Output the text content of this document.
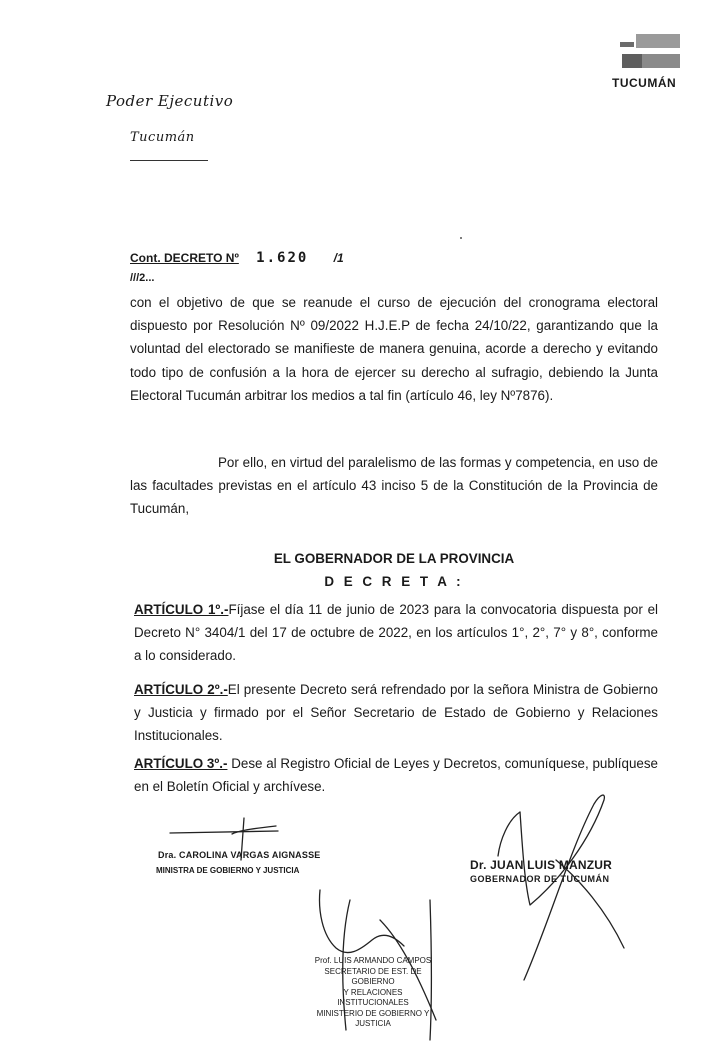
TUCUMÁN
Poder Ejecutivo
Tucumán
Cont. DECRETO Nº 1.620 /1
///2...

con el objetivo de que se reanude el curso de ejecución del cronograma electoral dispuesto por Resolución Nº 09/2022 H.J.E.P de fecha 24/10/22, garantizando que la voluntad del electorado se manifieste de manera genuina, acorde a derecho y evitando todo tipo de confusión a la hora de ejercer su derecho al sufragio, debiendo la Junta Electoral Tucumán arbitrar los medios a tal fin (artículo 46, ley Nº7876).

Por ello, en virtud del paralelismo de las formas y competencia, en uso de las facultades previstas en el artículo 43 inciso 5 de la Constitución de la Provincia de Tucumán,

EL GOBERNADOR DE LA PROVINCIA

D E C R E T A :

ARTÍCULO 1º.-Fíjase el día 11 de junio de 2023 para la convocatoria dispuesta por el Decreto N° 3404/1 del 17 de octubre de 2022, en los artículos 1°, 2°, 7° y 8°, conforme a lo considerado.

ARTÍCULO 2º.-El presente Decreto será refrendado por la señora Ministra de Gobierno y Justicia y firmado por el Señor Secretario de Estado de Gobierno y Relaciones Institucionales.

ARTÍCULO 3º.- Dese al Registro Oficial de Leyes y Decretos, comuníquese, publíquese en el Boletín Oficial y archívese.

Dra. CAROLINA VARGAS AIGNASSE
MINISTRA DE GOBIERNO Y JUSTICIA	Dr. JUAN LUIS MANZUR
GOBERNADOR DE TUCUMÁN
Prof. LUIS ARMANDO CAMPOS
SECRETARIO DE EST. DE GOBIERNO
Y RELACIONES INSTITUCIONALES
MINISTERIO DE GOBIERNO Y JUSTICIA
